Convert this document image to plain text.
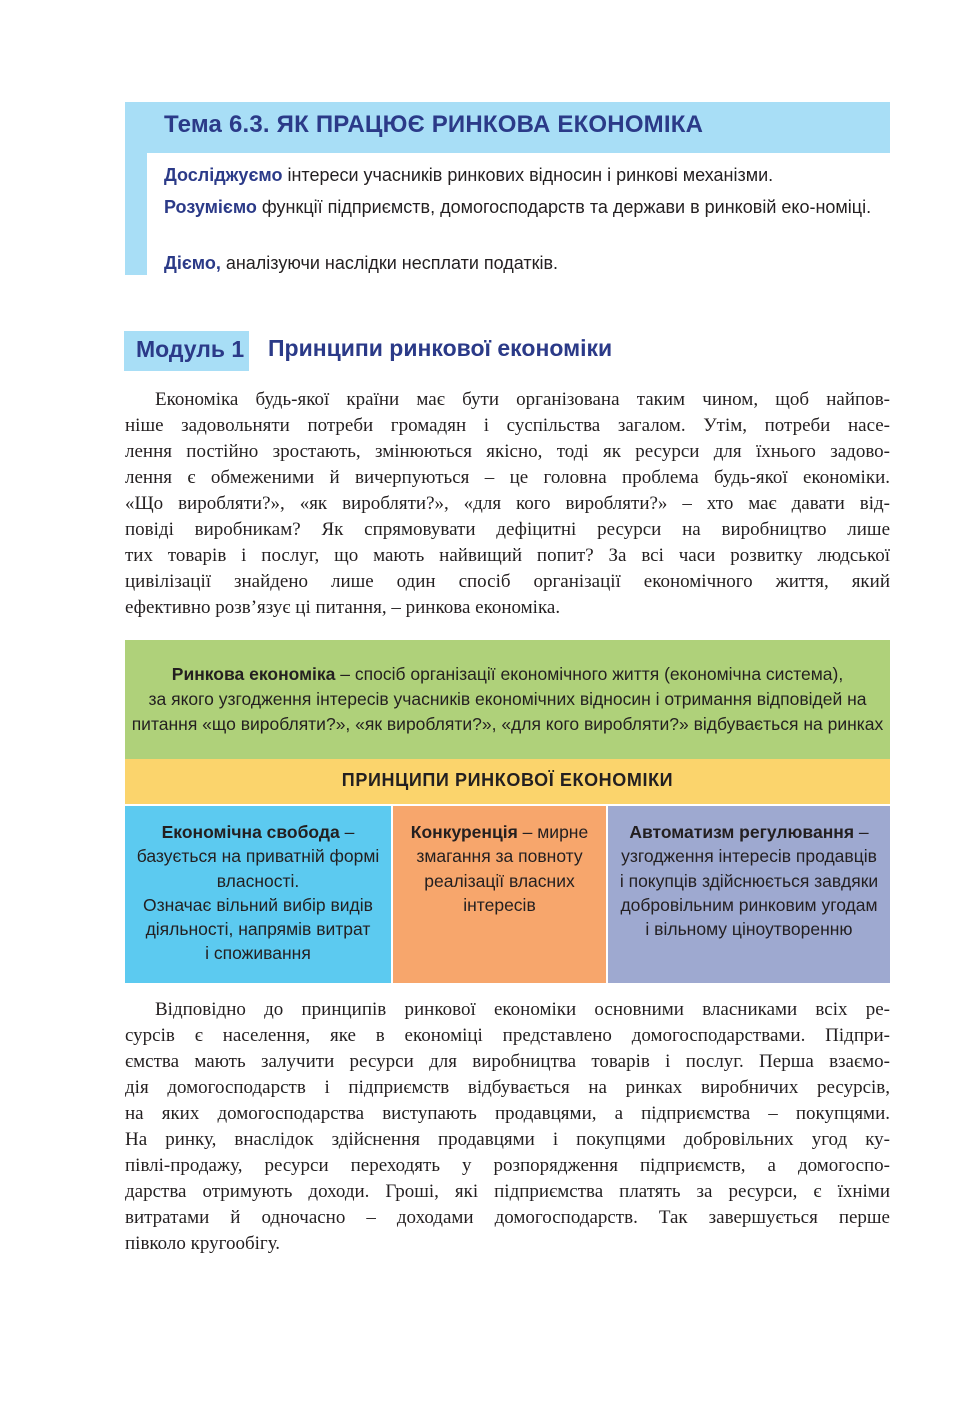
Тема 6.3. ЯК ПРАЦЮЄ РИНКОВА ЕКОНОМІКА
Досліджуємо інтереси учасників ринкових відносин і ринкові механізми.
Розуміємо функції підприємств, домогосподарств та держави в ринковій еко-номіці.
Діємо, аналізуючи наслідки несплати податків.
Модуль 1 Принципи ринкової економіки
Економіка будь-якої країни має бути організована таким чином, щоб найпов-
ніше задовольняти потреби громадян і суспільства загалом. Утім, потреби насе-
лення постійно зростають, змінюються якісно, тоді як ресурси для їхнього задово-
лення є обмеженими й вичерпуються – це головна проблема будь-якої економіки.
«Що виробляти?», «як виробляти?», «для кого виробляти?» – хто має давати від-
повіді виробникам? Як спрямовувати дефіцитні ресурси на виробництво лише
тих товарів і послуг, що мають найвищий попит? За всі часи розвитку людської
цивілізації знайдено лише один спосіб організації економічного життя, який
ефективно розв’язує ці питання, – ринкова економіка.
Ринкова економіка – спосіб організації економічного життя (економічна система),
за якого узгодження інтересів учасників економічних відносин і отримання відповідей на
питання «що виробляти?», «як виробляти?», «для кого виробляти?» відбувається на ринках
ПРИНЦИПИ РИНКОВОЇ ЕКОНОМІКИ
Економічна свобода –
базується на приватній формі
власності.
Означає вільний вибір видів
діяльності, напрямів витрат
і споживання
Конкуренція – мирне
змагання за повноту
реалізації власних
інтересів
Автоматизм регулювання –
узгодження інтересів продавців
і покупців здійснюється завдяки
добровільним ринковим угодам
і вільному ціноутворенню
Відповідно до принципів ринкової економіки основними власниками всіх ре-
сурсів є населення, яке в економіці представлено домогосподарствами. Підпри-
ємства мають залучити ресурси для виробництва товарів і послуг. Перша взаємо-
дія домогосподарств і підприємств відбувається на ринках виробничих ресурсів,
на яких домогосподарства виступають продавцями, а підприємства – покупцями.
На ринку, внаслідок здійснення продавцями і покупцями добровільних угод ку-
півлі-продажу, ресурси переходять у розпорядження підприємств, а домогоспо-
дарства отримують доходи. Гроші, які підприємства платять за ресурси, є їхніми
витратами й одночасно – доходами домогосподарств. Так завершується перше
півколо кругообігу.
